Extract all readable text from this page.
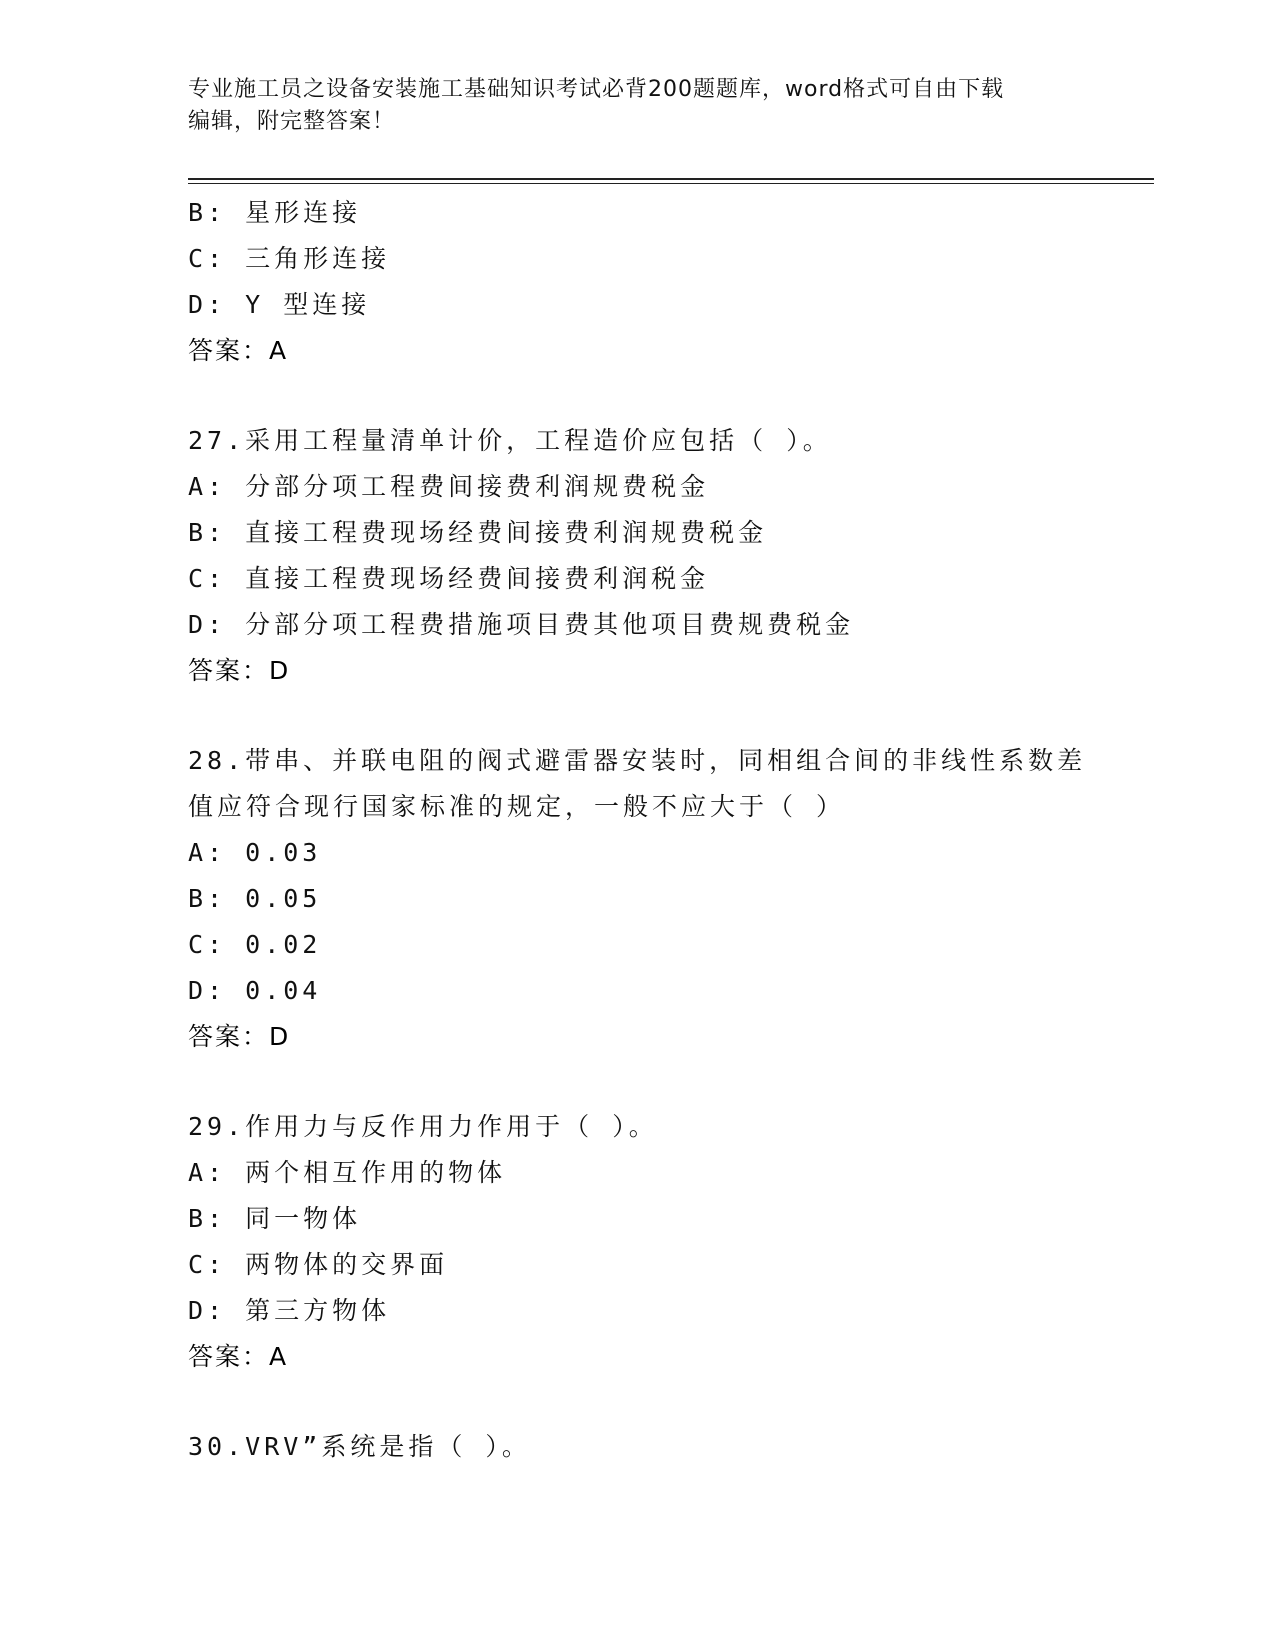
专业施工员之设备安装施工基础知识考试必背200题题库，word格式可自由下载
编辑，附完整答案！
B: 星形连接
C: 三角形连接
D: Y 型连接
答案：A
27.采用工程量清单计价，工程造价应包括（ ）。
A: 分部分项工程费间接费利润规费税金
B: 直接工程费现场经费间接费利润规费税金
C: 直接工程费现场经费间接费利润税金
D: 分部分项工程费措施项目费其他项目费规费税金
答案：D
28.带串、并联电阻的阀式避雷器安装时，同相组合间的非线性系数差
值应符合现行国家标准的规定，一般不应大于（ ）
A: 0.03
B: 0.05
C: 0.02
D: 0.04
答案：D
29.作用力与反作用力作用于（ ）。
A: 两个相互作用的物体
B: 同一物体
C: 两物体的交界面
D: 第三方物体
答案：A
30.VRV”系统是指（ ）。
